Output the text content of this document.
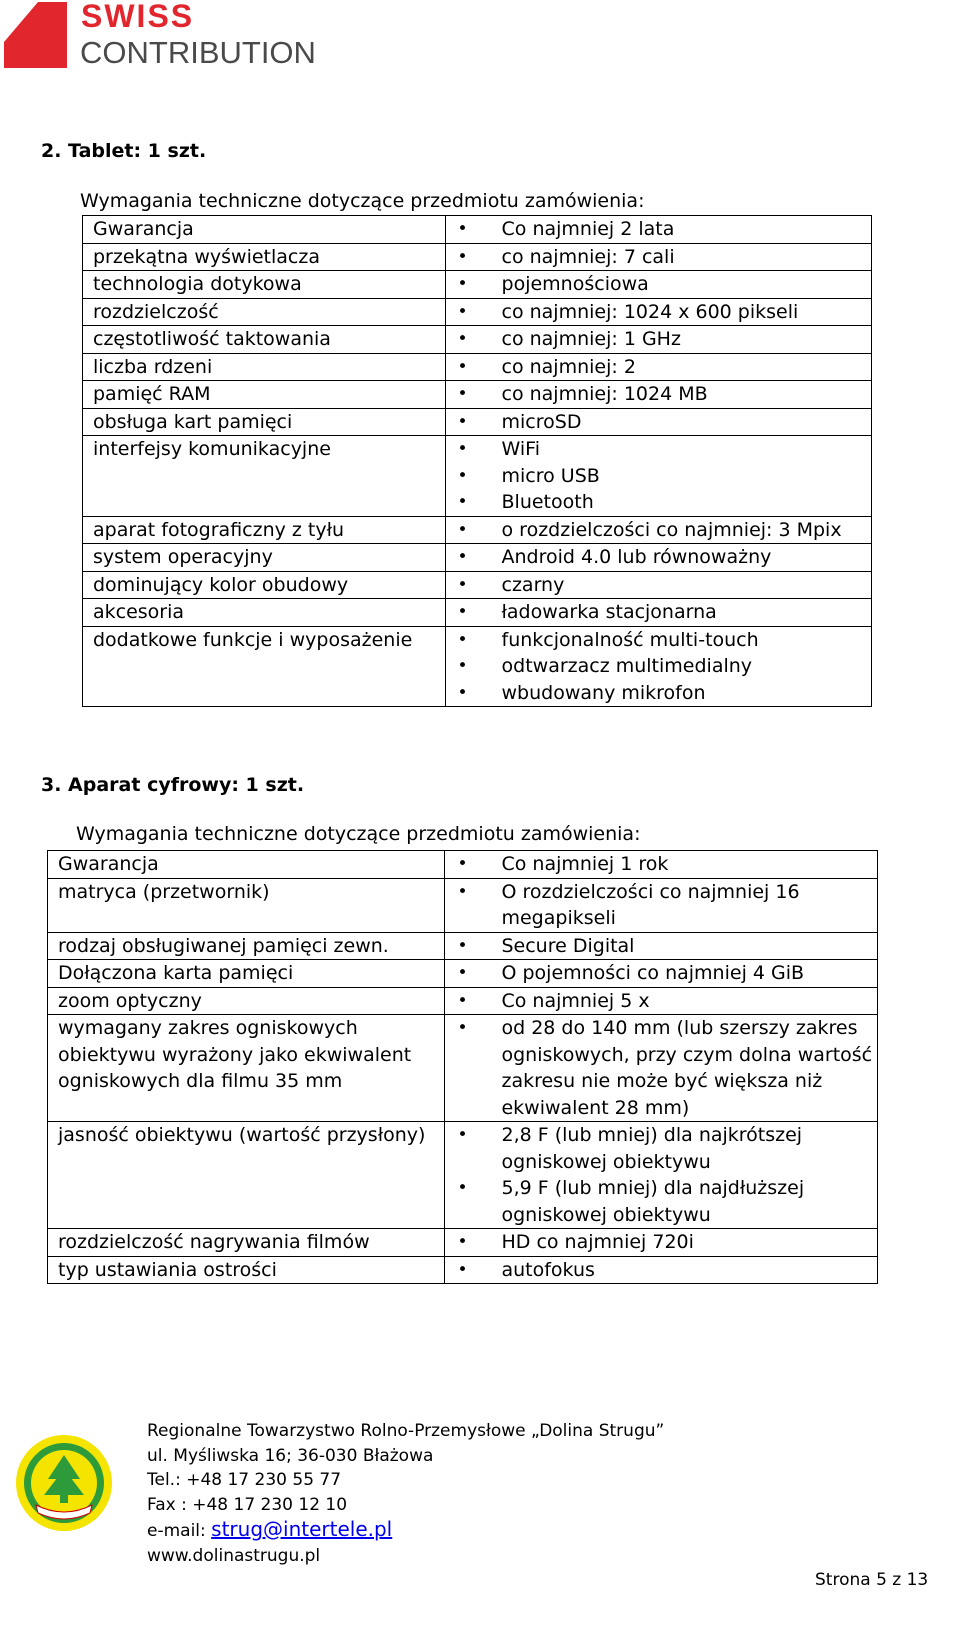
SWISS
CONTRIBUTION
2. Tablet: 1 szt.
Wymagania techniczne dotyczące przedmiotu zamówienia:
Gwarancja	• Co najmniej 2 lata

przekątna wyświetlacza	• co najmniej: 7 cali

technologia dotykowa	• pojemnościowa

rozdzielczość	• co najmniej: 1024 x 600 pikseli

częstotliwość taktowania	• co najmniej: 1 GHz

liczba rdzeni	• co najmniej: 2

pamięć RAM	• co najmniej: 1024 MB

obsługa kart pamięci	• microSD

interfejsy komunikacyjne	• WiFi
• micro USB
• Bluetooth

aparat fotograficzny z tyłu	• o rozdzielczości co najmniej: 3 Mpix

system operacyjny	• Android 4.0 lub równoważny

dominujący kolor obudowy	• czarny

akcesoria	• ładowarka stacjonarna

dodatkowe funkcje i wyposażenie	• funkcjonalność multi-touch
• odtwarzacz multimedialny
• wbudowany mikrofon
3. Aparat cyfrowy: 1 szt.
Wymagania techniczne dotyczące przedmiotu zamówienia:
Gwarancja	• Co najmniej 1 rok

matryca (przetwornik)	• O rozdzielczości co najmniej 16 megapikseli

rodzaj obsługiwanej pamięci zewn.	• Secure Digital

Dołączona karta pamięci	• O pojemności co najmniej 4 GiB

zoom optyczny	• Co najmniej 5 x

wymagany zakres ogniskowych obiektywu wyrażony jako ekwiwalent ogniskowych dla filmu 35 mm	• od 28 do 140 mm (lub szerszy zakres ogniskowych, przy czym dolna wartość zakresu nie może być większa niż ekwiwalent 28 mm)

jasność obiektywu (wartość przysłony)	• 2,8 F (lub mniej) dla najkrótszej ogniskowej obiektywu
• 5,9 F (lub mniej) dla najdłuższej ogniskowej obiektywu

rozdzielczość nagrywania filmów	• HD co najmniej 720i

typ ustawiania ostrości	• autofokus
Regionalne Towarzystwo Rolno-Przemysłowe „Dolina Strugu”
ul. Myśliwska 16; 36-030 Błażowa
Tel.: +48 17 230 55 77
Fax : +48 17 230 12 10
e-mail: strug@intertele.pl
www.dolinastrugu.pl
Strona 5 z 13
